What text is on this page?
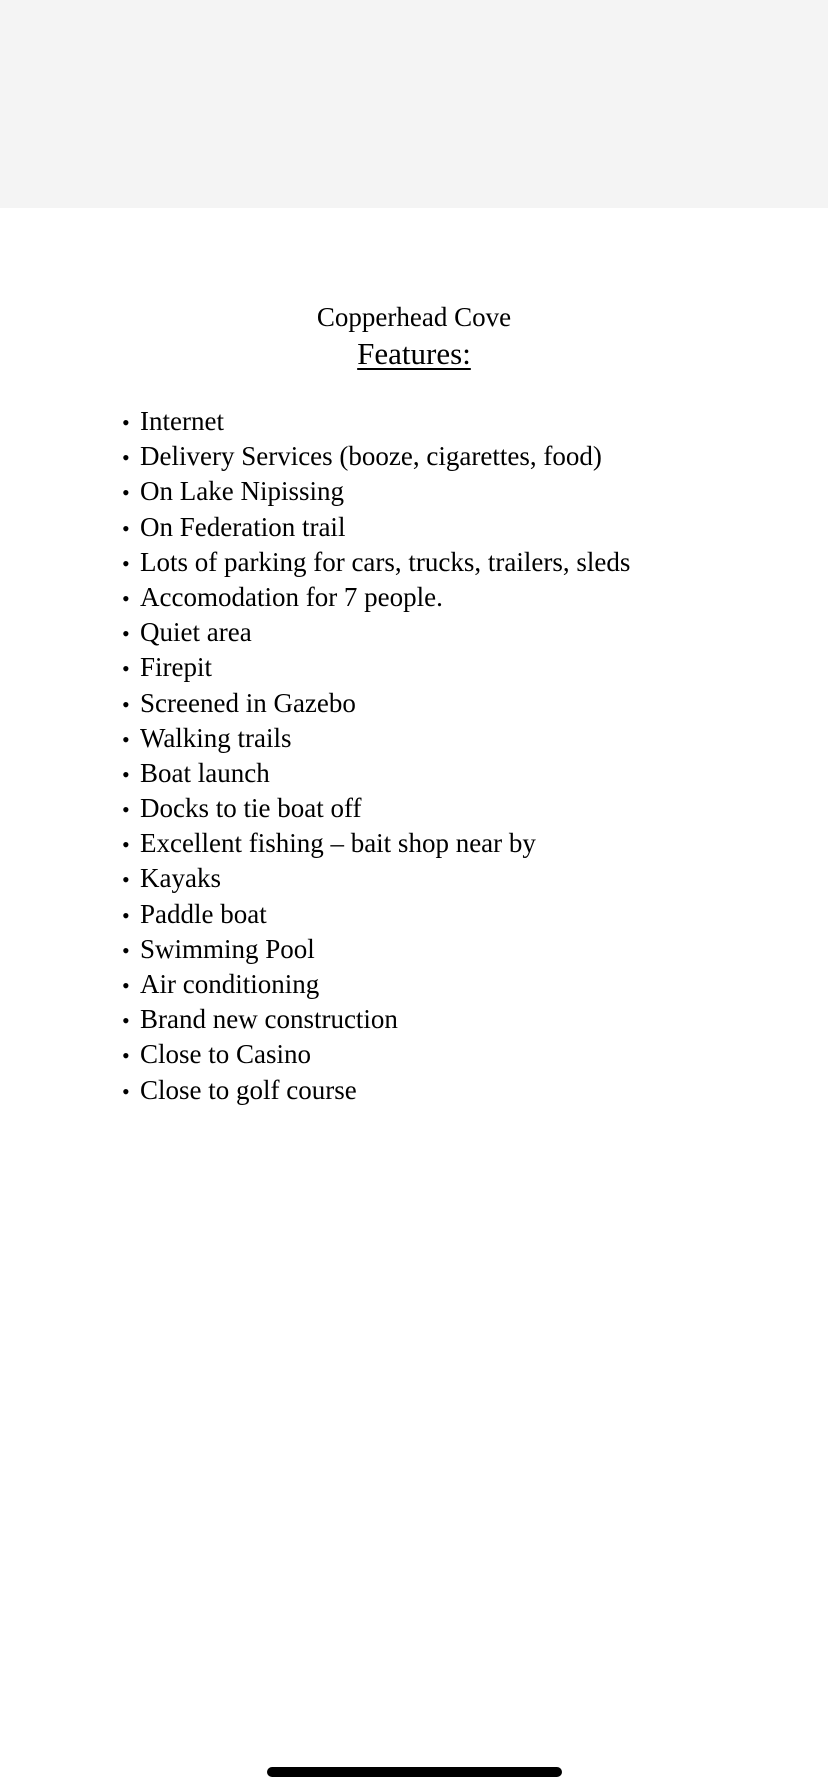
Copperhead Cove
Features:
• Internet
• Delivery Services (booze, cigarettes, food)
• On Lake Nipissing
• On Federation trail
• Lots of parking for cars, trucks, trailers, sleds
• Accomodation for 7 people.
• Quiet area
• Firepit
• Screened in Gazebo
• Walking trails
• Boat launch
• Docks to tie boat off
• Excellent fishing – bait shop near by
• Kayaks
• Paddle boat
• Swimming Pool
• Air conditioning
• Brand new construction
• Close to Casino
• Close to golf course
